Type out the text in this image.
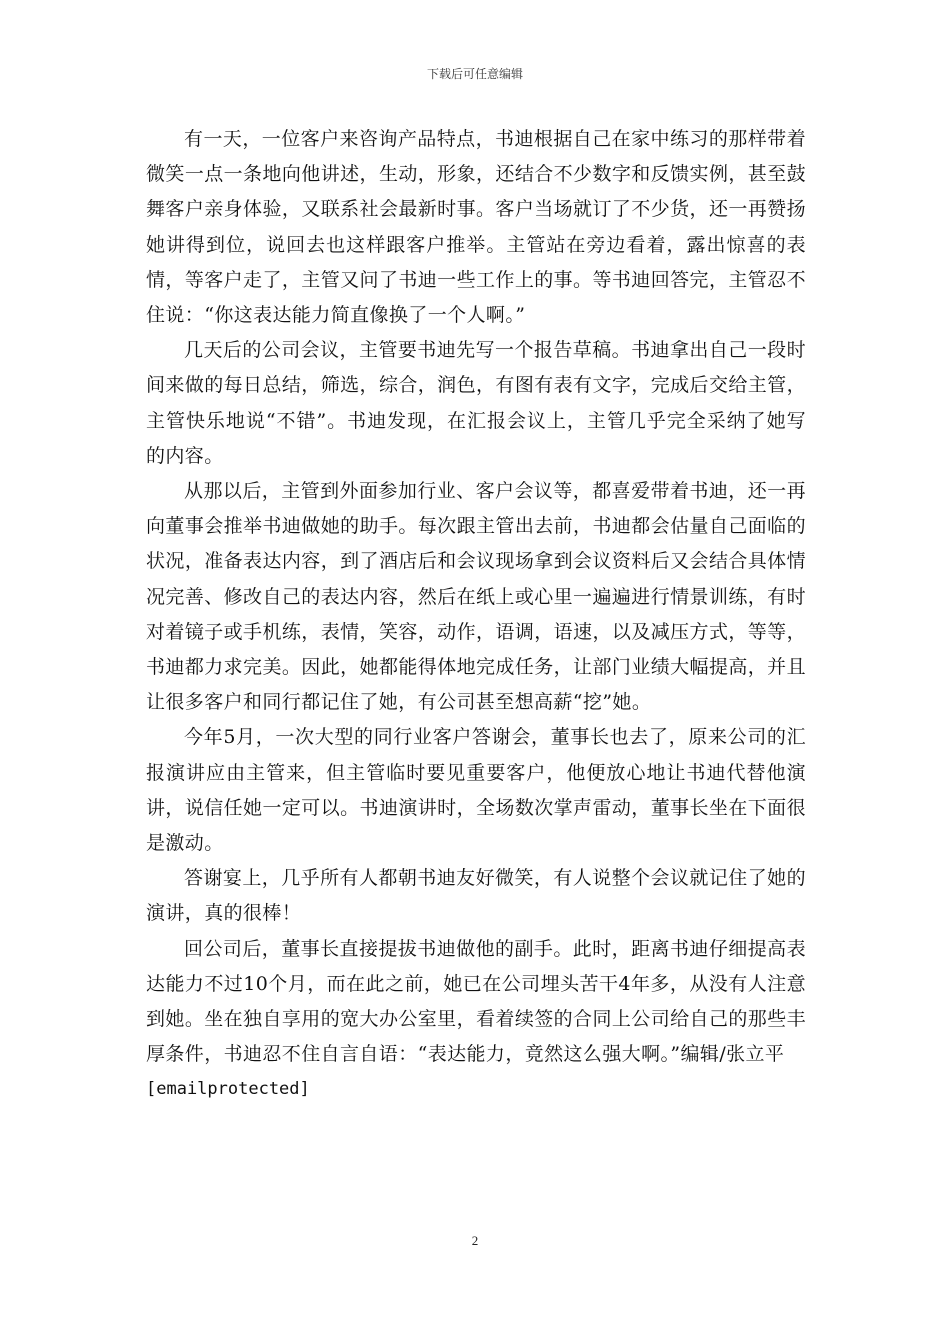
下载后可任意编辑

有一天，一位客户来咨询产品特点，书迪根据自己在家中练习的那样带着微笑一点一条地向他讲述，生动，形象，还结合不少数字和反馈实例，甚至鼓舞客户亲身体验，又联系社会最新时事。客户当场就订了不少货，还一再赞扬她讲得到位，说回去也这样跟客户推举。主管站在旁边看着，露出惊喜的表情，等客户走了，主管又问了书迪一些工作上的事。等书迪回答完，主管忍不住说：“你这表达能力简直像换了一个人啊。”

几天后的公司会议，主管要书迪先写一个报告草稿。书迪拿出自己一段时间来做的每日总结，筛选，综合，润色，有图有表有文字，完成后交给主管，主管快乐地说“不错”。书迪发现，在汇报会议上，主管几乎完全采纳了她写的内容。

从那以后，主管到外面参加行业、客户会议等，都喜爱带着书迪，还一再向董事会推举书迪做她的助手。每次跟主管出去前，书迪都会估量自己面临的状况，准备表达内容，到了酒店后和会议现场拿到会议资料后又会结合具体情况完善、修改自己的表达内容，然后在纸上或心里一遍遍进行情景训练，有时对着镜子或手机练，表情，笑容，动作，语调，语速，以及减压方式，等等，书迪都力求完美。因此，她都能得体地完成任务，让部门业绩大幅提高，并且让很多客户和同行都记住了她，有公司甚至想高薪“挖”她。

今年5月，一次大型的同行业客户答谢会，董事长也去了，原来公司的汇报演讲应由主管来，但主管临时要见重要客户，他便放心地让书迪代替他演讲，说信任她一定可以。书迪演讲时，全场数次掌声雷动，董事长坐在下面很是激动。

答谢宴上，几乎所有人都朝书迪友好微笑，有人说整个会议就记住了她的演讲，真的很棒！

回公司后，董事长直接提拔书迪做他的副手。此时，距离书迪仔细提高表达能力不过10个月，而在此之前，她已在公司埋头苦干4年多，从没有人注意到她。坐在独自享用的宽大办公室里，看着续签的合同上公司给自己的那些丰厚条件，书迪忍不住自言自语：“表达能力，竟然这么强大啊。”编辑/张立平

[emailprotected]

2
